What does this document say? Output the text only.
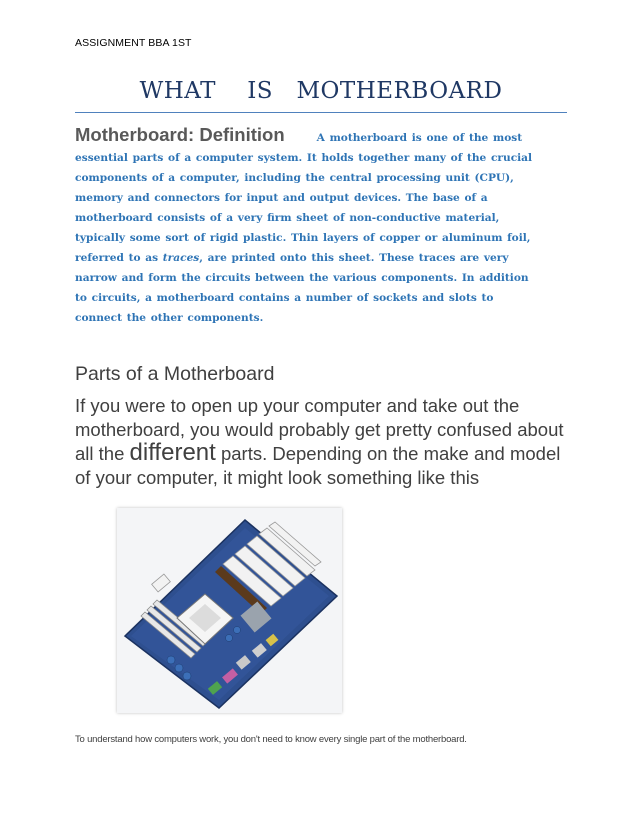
ASSIGNMENT BBA 1ST
WHAT    IS   MOTHERBOARD
Motherboard: Definition	A motherboard is one of the most essential parts of a computer system. It holds together many of the crucial components of a computer, including the central processing unit (CPU), memory and connectors for input and output devices. The base of a motherboard consists of a very firm sheet of non-conductive material, typically some sort of rigid plastic. Thin layers of copper or aluminum foil, referred to as traces, are printed onto this sheet. These traces are very narrow and form the circuits between the various components. In addition to circuits, a motherboard contains a number of sockets and slots to connect the other components.
Parts of a Motherboard
If you were to open up your computer and take out the motherboard, you would probably get pretty confused about all the different parts. Depending on the make and model of your computer, it might look something like this
To understand how computers work, you don't need to know every single part of the motherboard.
